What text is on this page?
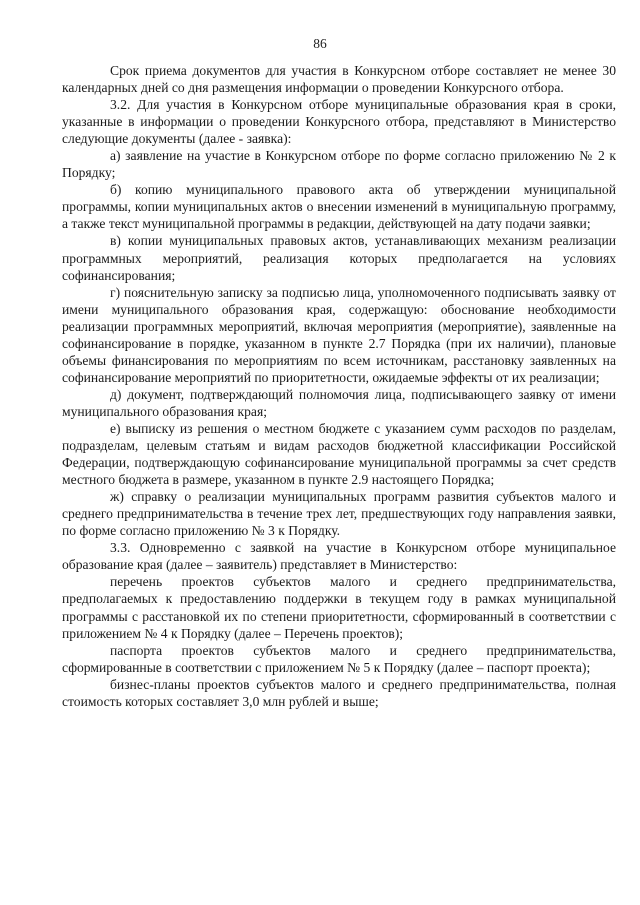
86

Срок приема документов для участия в Конкурсном отборе составляет не менее 30 календарных дней со дня размещения информации о проведении Конкурсного отбора.

3.2. Для участия в Конкурсном отборе муниципальные образования края в сроки, указанные в информации о проведении Конкурсного отбора, представляют в Министерство следующие документы (далее - заявка):

а) заявление на участие в Конкурсном отборе по форме согласно приложению № 2 к Порядку;

б) копию муниципального правового акта об утверждении муниципальной программы, копии муниципальных актов о внесении изменений в муниципальную программу, а также текст муниципальной программы в редакции, действующей на дату подачи заявки;

в) копии муниципальных правовых актов, устанавливающих механизм реализации программных мероприятий, реализация которых предполагается на условиях софинансирования;

г) пояснительную записку за подписью лица, уполномоченного подписывать заявку от имени муниципального образования края, содержащую: обоснование необходимости реализации программных мероприятий, включая мероприятия (мероприятие), заявленные на софинансирование в порядке, указанном в пункте 2.7 Порядка (при их наличии), плановые объемы финансирования по мероприятиям по всем источникам, расстановку заявленных на софинансирование мероприятий по приоритетности, ожидаемые эффекты от их реализации;

д) документ, подтверждающий полномочия лица, подписывающего заявку от имени муниципального образования края;

е) выписку из решения о местном бюджете с указанием сумм расходов по разделам, подразделам, целевым статьям и видам расходов бюджетной классификации Российской Федерации, подтверждающую софинансирование муниципальной программы за счет средств местного бюджета в размере, указанном в пункте 2.9 настоящего Порядка;

ж) справку о реализации муниципальных программ развития субъектов малого и среднего предпринимательства в течение трех лет, предшествующих году направления заявки, по форме согласно приложению № 3 к Порядку.

3.3. Одновременно с заявкой на участие в Конкурсном отборе муниципальное образование края (далее – заявитель) представляет в Министерство:

перечень проектов субъектов малого и среднего предпринимательства, предполагаемых к предоставлению поддержки в текущем году в рамках муниципальной программы с расстановкой их по степени приоритетности, сформированный в соответствии с приложением № 4 к Порядку (далее – Перечень проектов);

паспорта проектов субъектов малого и среднего предпринимательства, сформированные в соответствии с приложением № 5 к Порядку (далее – паспорт проекта);

бизнес-планы проектов субъектов малого и среднего предпринимательства, полная стоимость которых составляет 3,0 млн рублей и выше;
